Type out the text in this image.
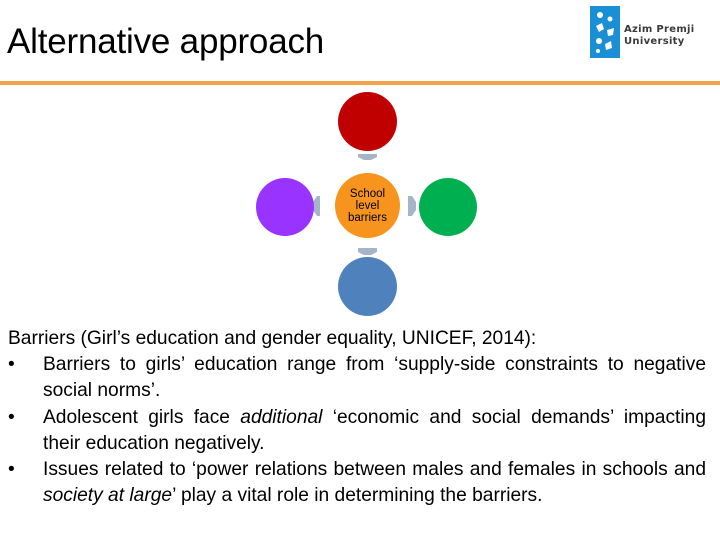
Alternative approach	Azim Premji
University
School level barriers

Barriers (Girl’s education and gender equality, UNICEF, 2014):

•	Barriers to girls’ education range from ‘supply-side constraints to negative social norms’.
•	Adolescent girls face additional ‘economic and social demands’ impacting their education negatively.
•	Issues related to ‘power relations between males and females in schools and society at large’ play a vital role in determining the barriers.
